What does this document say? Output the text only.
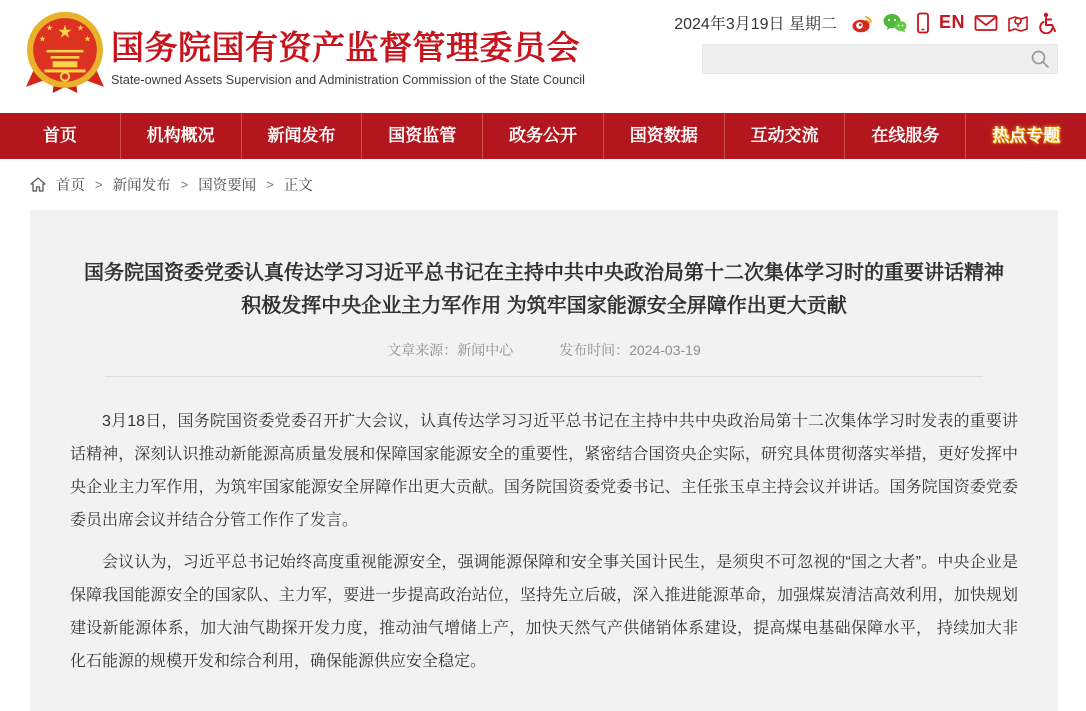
★
★	★
★	★ 国务院国有资产监督管理委员会
State-owned Assets Supervision and Administration Commission of the State Council
2024年3月19日 星期二	EN
首页	机构概况	新闻发布	国资监管	政务公开	国资数据	互动交流	在线服务	热点专题
首页 > 新闻发布 > 国资要闻 > 正文
国务院国资委党委认真传达学习习近平总书记在主持中共中央政治局第十二次集体学习时的重要讲话精神
积极发挥中央企业主力军作用 为筑牢国家能源安全屏障作出更大贡献
文章来源：新闻中心	发布时间：2024-03-19

3月18日，国务院国资委党委召开扩大会议，认真传达学习习近平总书记在主持中共中央政治局第十二次集体学习时发表的重要讲话精神，深刻认识推动新能源高质量发展和保障国家能源安全的重要性，紧密结合国资央企实际，研究具体贯彻落实举措，更好发挥中央企业主力军作用，为筑牢国家能源安全屏障作出更大贡献。国务院国资委党委书记、主任张玉卓主持会议并讲话。国务院国资委党委委员出席会议并结合分管工作作了发言。

会议认为，习近平总书记始终高度重视能源安全，强调能源保障和安全事关国计民生，是须臾不可忽视的“国之大者”。中央企业是保障我国能源安全的国家队、主力军，要进一步提高政治站位，坚持先立后破，深入推进能源革命，加强煤炭清洁高效利用，加快规划建设新能源体系，加大油气勘探开发力度，推动油气增储上产，加快天然气产供储销体系建设，提高煤电基础保障水平， 持续加大非化石能源的规模开发和综合利用，确保能源供应安全稳定。
